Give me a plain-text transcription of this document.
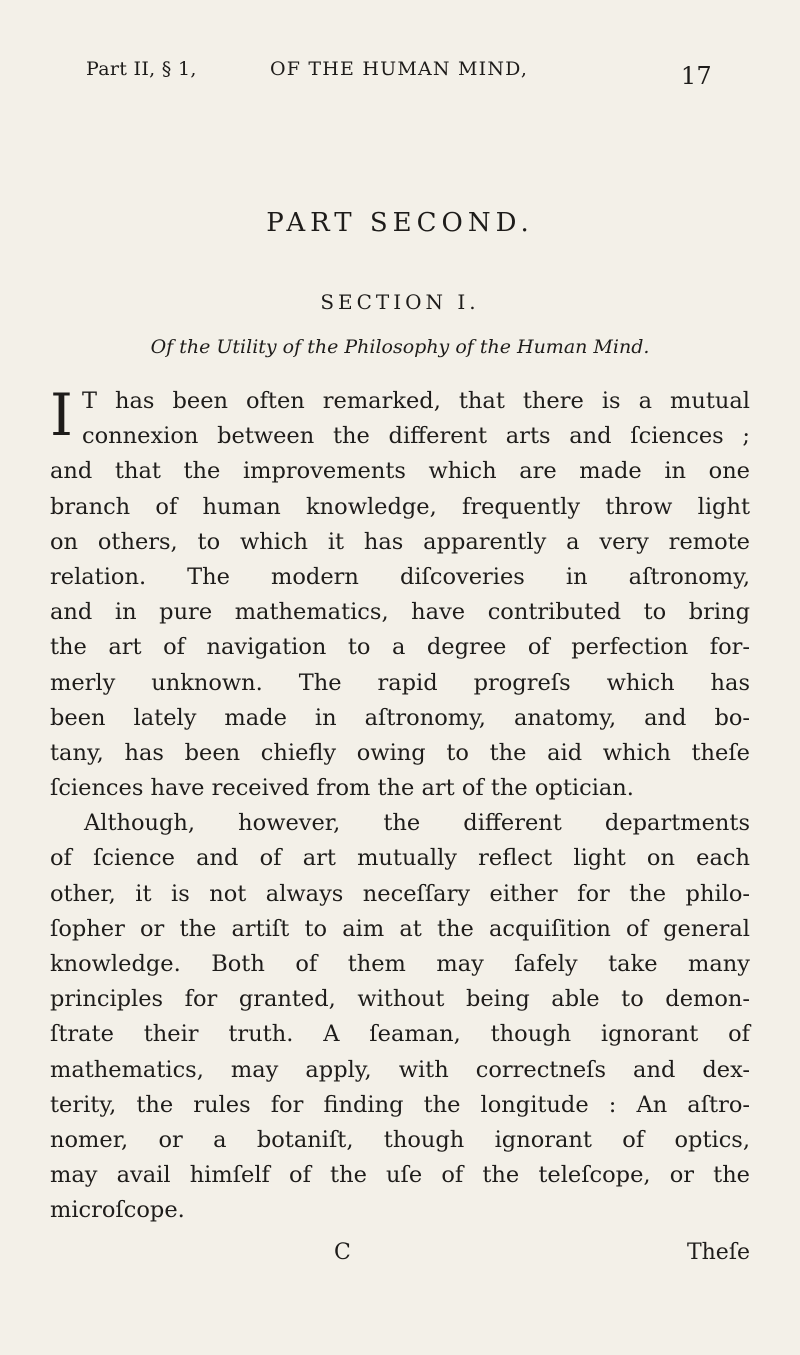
Part II, § 1,	OF THE HUMAN MIND,	17
PART SECOND.
SECTION I.
Of the Utility of the Philosophy of the Human Mind.
I T has been often remarked, that there is a mutual
connexion between the different arts and ſciences ;
and that the improvements which are made in one
branch of human knowledge, frequently throw light
on others, to which it has apparently a very remote
relation. The modern diſcoveries in aſtronomy,
and in pure mathematics, have contributed to bring
the art of navigation to a degree of perfection for-
merly unknown. The rapid progreſs which has
been lately made in aſtronomy, anatomy, and bo-
tany, has been chiefly owing to the aid which theſe
ſciences have received from the art of the optician.
Although, however, the different departments
of ſcience and of art mutually reflect light on each
other, it is not always neceſſary either for the philo-
ſopher or the artiſt to aim at the acquiſition of general
knowledge. Both of them may ſafely take many
principles for granted, without being able to demon-
ſtrate their truth. A ſeaman, though ignorant of
mathematics, may apply, with correctneſs and dex-
terity, the rules for finding the longitude : An aſtro-
nomer, or a botaniſt, though ignorant of optics,
may avail himſelf of the uſe of the teleſcope, or the
microſcope.
C	Theſe
